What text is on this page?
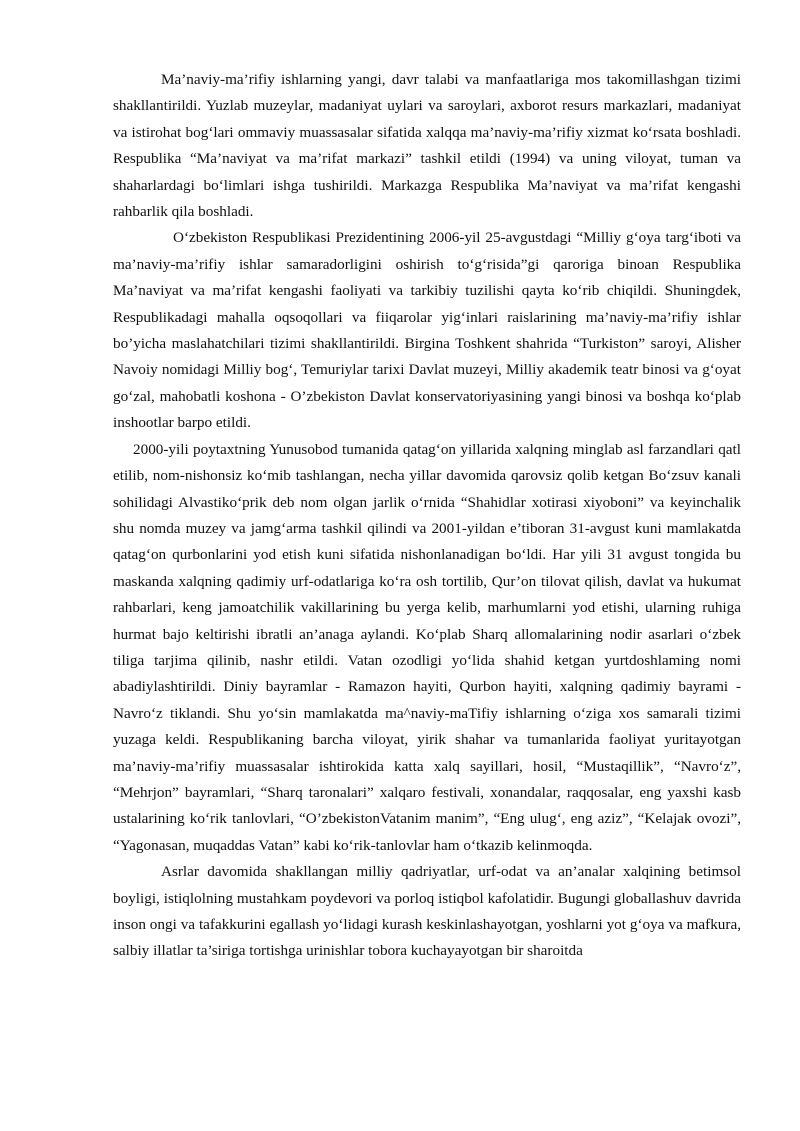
Ma’naviy-ma’rifiy ishlarning yangi, davr talabi va manfaatlariga mos takomillashgan tizimi shakllantirildi. Yuzlab muzeylar, madaniyat uylari va saroylari, axborot resurs markazlari, madaniyat va istirohat bog‘lari ommaviy muassasalar sifatida xalqqa ma’naviy-ma’rifiy xizmat ko‘rsata boshladi. Respublika “Ma’naviyat va ma’rifat markazi” tashkil etildi (1994) va uning viloyat, tuman va shaharlardagi bo‘limlari ishga tushirildi. Markazga Respublika Ma’naviyat va ma’rifat kengashi rahbarlik qila boshladi.

O‘zbekiston Respublikasi Prezidentining 2006-yil 25-avgustdagi “Milliy g‘oya targ‘iboti va ma’naviy-ma’rifiy ishlar samaradorligini oshirish to‘g‘risida”gi qaroriga binoan Respublika Ma’naviyat va ma’rifat kengashi faoliyati va tarkibiy tuzilishi qayta ko‘rib chiqildi. Shuningdek, Respublikadagi mahalla oqsoqollari va fiiqarolar yig‘inlari raislarining ma’naviy-ma’rifiy ishlar bo’yicha maslahatchilari tizimi shakllantirildi. Birgina Toshkent shahrida “Turkiston” saroyi, Alisher Navoiy nomidagi Milliy bog‘, Temuriylar tarixi Davlat muzeyi, Milliy akademik teatr binosi va g‘oyat go‘zal, mahobatli koshona - O’zbekiston Davlat konservatoriyasining yangi binosi va boshqa ko‘plab inshootlar barpo etildi.

2000-yili poytaxtning Yunusobod tumanida qatag‘on yillarida xalqning minglab asl farzandlari qatl etilib, nom-nishonsiz ko‘mib tashlangan, necha yillar davomida qarovsiz qolib ketgan Bo‘zsuv kanali sohilidagi Alvastiko‘prik deb nom olgan jarlik o‘rnida “Shahidlar xotirasi xiyoboni” va keyinchalik shu nomda muzey va jamg‘arma tashkil qilindi va 2001-yildan e’tiboran 31-avgust kuni mamlakatda qatag‘on qurbonlarini yod etish kuni sifatida nishonlanadigan bo‘ldi. Har yili 31 avgust tongida bu maskanda xalqning qadimiy urf-odatlariga ko‘ra osh tortilib, Qur’on tilovat qilish, davlat va hukumat rahbarlari, keng jamoatchilik vakillarining bu yerga kelib, marhumlarni yod etishi, ularning ruhiga hurmat bajo keltirishi ibratli an’anaga aylandi. Ko‘plab Sharq allomalarining nodir asarlari o‘zbek tiliga tarjima qilinib, nashr etildi. Vatan ozodligi yo‘lida shahid ketgan yurtdoshlaming nomi abadiylashtirildi. Diniy bayramlar - Ramazon hayiti, Qurbon hayiti, xalqning qadimiy bayrami - Navro‘z tiklandi. Shu yo‘sin mamlakatda ma^naviy-maTifiy ishlarning o‘ziga xos samarali tizimi yuzaga keldi. Respublikaning barcha viloyat, yirik shahar va tumanlarida faoliyat yuritayotgan ma’naviy-ma’rifiy muassasalar ishtirokida katta xalq sayillari, hosil, “Mustaqillik”, “Navro‘z”, “Mehrjon” bayramlari, “Sharq taronalari” xalqaro festivali, xonandalar, raqqosalar, eng yaxshi kasb ustalarining ko‘rik tanlovlari, “O’zbekistonVatanim manim”, “Eng ulug‘, eng aziz”, “Kelajak ovozi”, “Yagonasan, muqaddas Vatan” kabi ko‘rik-tanlovlar ham o‘tkazib kelinmoqda.

Asrlar davomida shakllangan milliy qadriyatlar, urf-odat va an’analar xalqining betimsol boyligi, istiqlolning mustahkam poydevori va porloq istiqbol kafolatidir. Bugungi globallashuv davrida inson ongi va tafakkurini egallash yo‘lidagi kurash keskinlashayotgan, yoshlarni yot g‘oya va mafkura, salbiy illatlar ta’siriga tortishga urinishlar tobora kuchayayotgan bir sharoitda
